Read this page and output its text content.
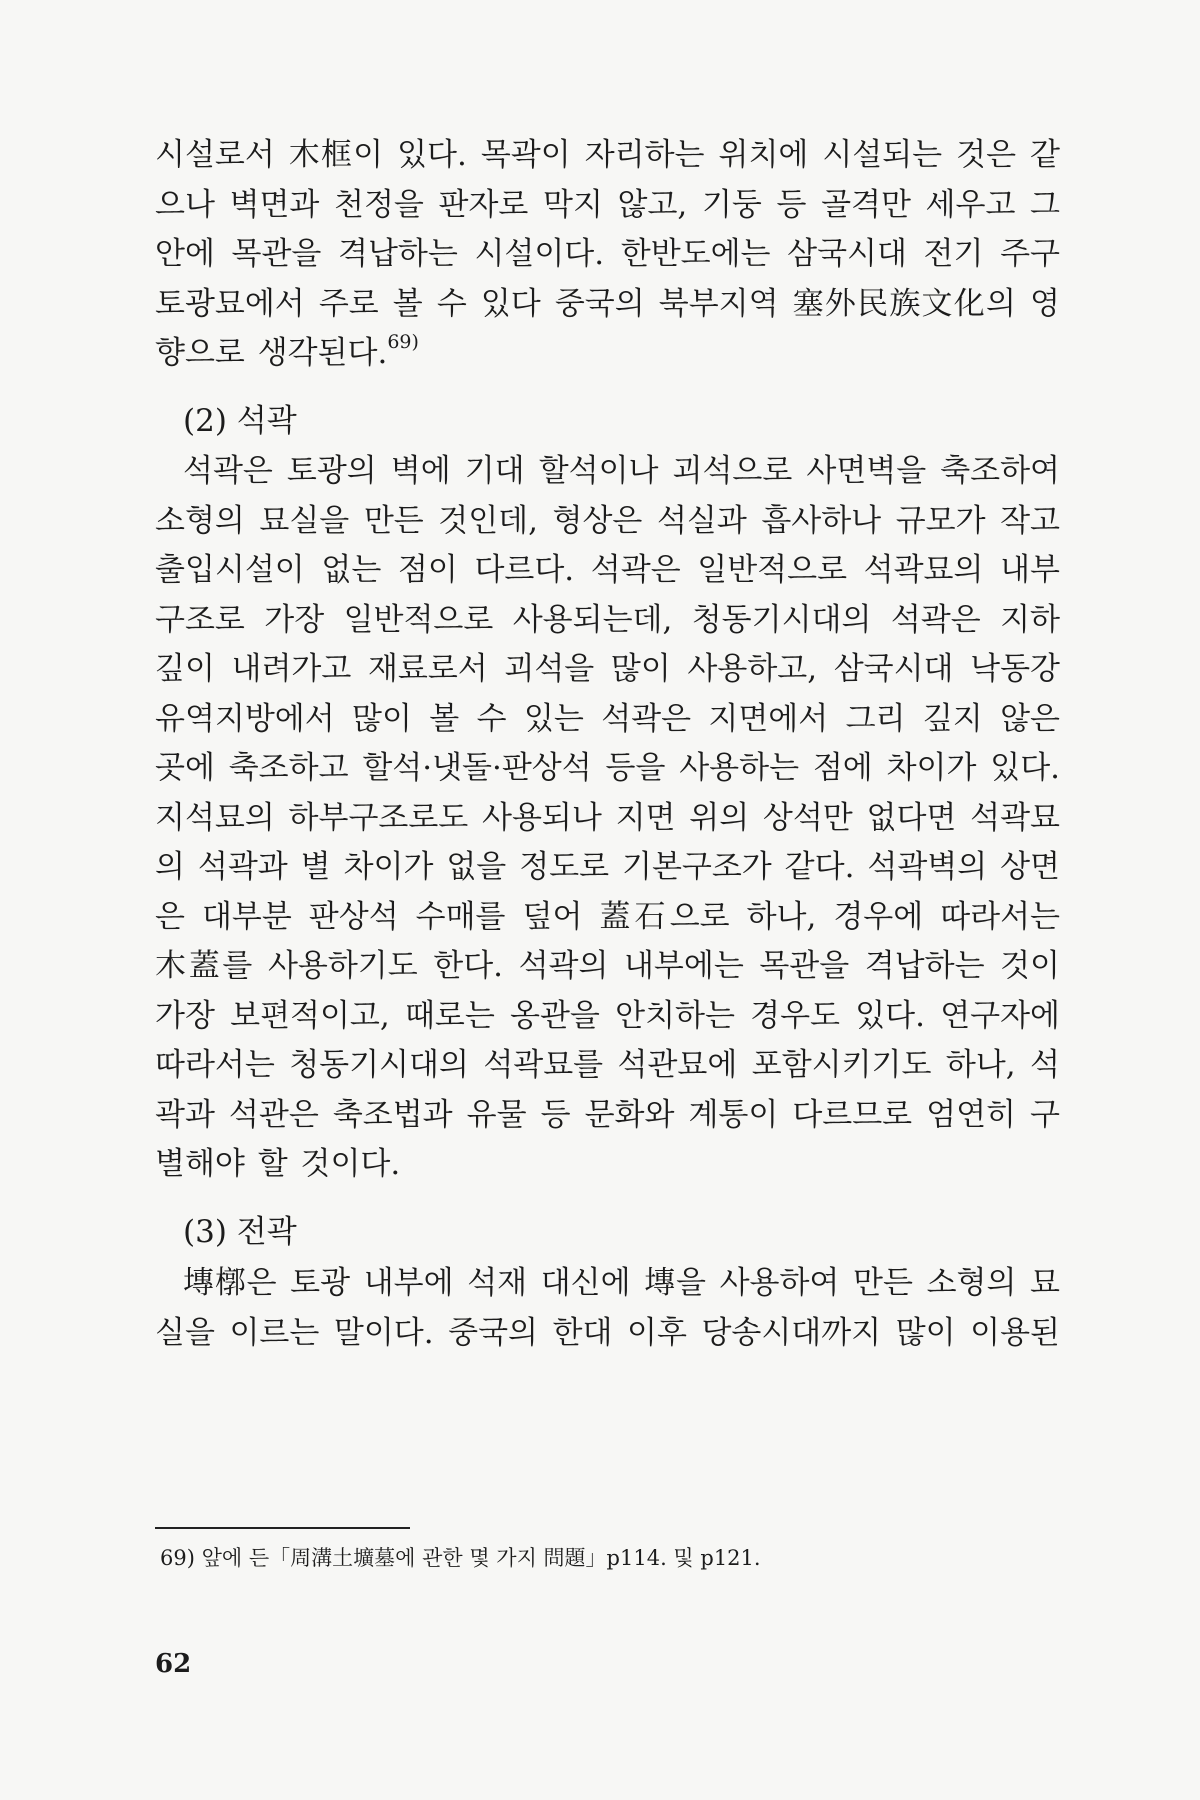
시설로서 木框이 있다. 목곽이 자리하는 위치에 시설되는 것은 같으나 벽면과 천정을 판자로 막지 않고, 기둥 등 골격만 세우고 그 안에 목관을 격납하는 시설이다. 한반도에는 삼국시대 전기 주구 토광묘에서 주로 볼 수 있다 중국의 북부지역 塞外民族文化의 영향으로 생각된다.$^{69)}$

(2) 석곽

석곽은 토광의 벽에 기대 할석이나 괴석으로 사면벽을 축조하여 소형의 묘실을 만든 것인데, 형상은 석실과 흡사하나 규모가 작고 출입시설이 없는 점이 다르다. 석곽은 일반적으로 석곽묘의 내부구조로 가장 일반적으로 사용되는데, 청동기시대의 석곽은 지하 깊이 내려가고 재료로서 괴석을 많이 사용하고, 삼국시대 낙동강유역지방에서 많이 볼 수 있는 석곽은 지면에서 그리 깊지 않은 곳에 축조하고 할석·냇돌·판상석 등을 사용하는 점에 차이가 있다. 지석묘의 하부구조로도 사용되나 지면 위의 상석만 없다면 석곽묘의 석곽과 별 차이가 없을 정도로 기본구조가 같다. 석곽벽의 상면은 대부분 판상석 수매를 덮어 蓋石으로 하나, 경우에 따라서는 木蓋를 사용하기도 한다. 석곽의 내부에는 목관을 격납하는 것이 가장 보편적이고, 때로는 옹관을 안치하는 경우도 있다. 연구자에 따라서는 청동기시대의 석곽묘를 석관묘에 포함시키기도 하나, 석곽과 석관은 축조법과 유물 등 문화와 계통이 다르므로 엄연히 구별해야 할 것이다.

(3) 전곽

塼槨은 토광 내부에 석재 대신에 塼을 사용하여 만든 소형의 묘실을 이르는 말이다. 중국의 한대 이후 당송시대까지 많이 이용된

69) 앞에 든「周溝土壙墓에 관한 몇 가지 問題」p114. 및 p121.

62
